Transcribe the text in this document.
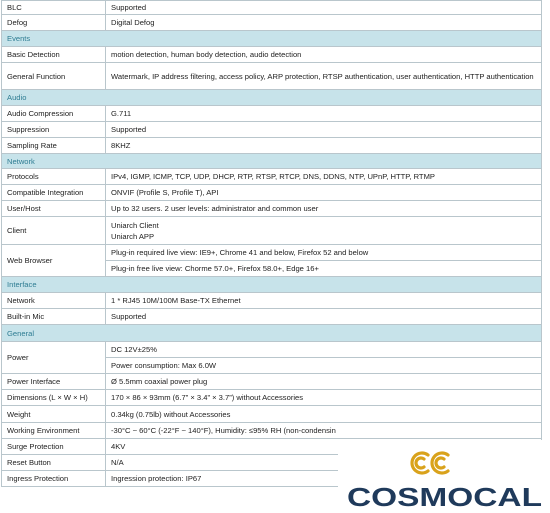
BLC	Supported

Defog	Digital Defog

Events	
Basic Detection	motion detection, human body detection, audio detection

General Function	Watermark, IP address filtering, access policy, ARP protection, RTSP authentication, user authentication, HTTP authentication

Audio	
Audio Compression	G.711

Suppression	Supported

Sampling Rate	8KHZ

Network	
Protocols	IPv4, IGMP, ICMP, TCP, UDP, DHCP, RTP, RTSP, RTCP, DNS, DDNS, NTP, UPnP, HTTP, RTMP

Compatible Integration	ONVIF (Profile S, Profile T), API

User/Host	Up to 32 users. 2 user levels: administrator and common user

Client	Uniarch Client
Uniarch APP

Web Browser	Plug-in required live view: IE9+, Chrome 41 and below, Firefox 52 and below
	Plug-in free live view: Chorme 57.0+, Firefox 58.0+, Edge 16+
Interface	
Network	1 * RJ45 10M/100M Base-TX Ethernet

Built-in Mic	Supported

General	
Power	DC 12V±25%
	Power consumption: Max 6.0W
Power Interface	Ø 5.5mm coaxial power plug

Dimensions (L × W × H)	170 × 86 × 93mm (6.7” × 3.4” × 3.7”) without Accessories

Weight	0.34kg (0.75lb) without Accessories

Working Environment	-30°C ~ 60°C (-22°F ~ 140°F), Humidity: ≤95% RH (non-condensin

Surge Protection	4KV

Reset Button	N/A

Ingress Protection	Ingression protection: IP67
COSMOCAL
